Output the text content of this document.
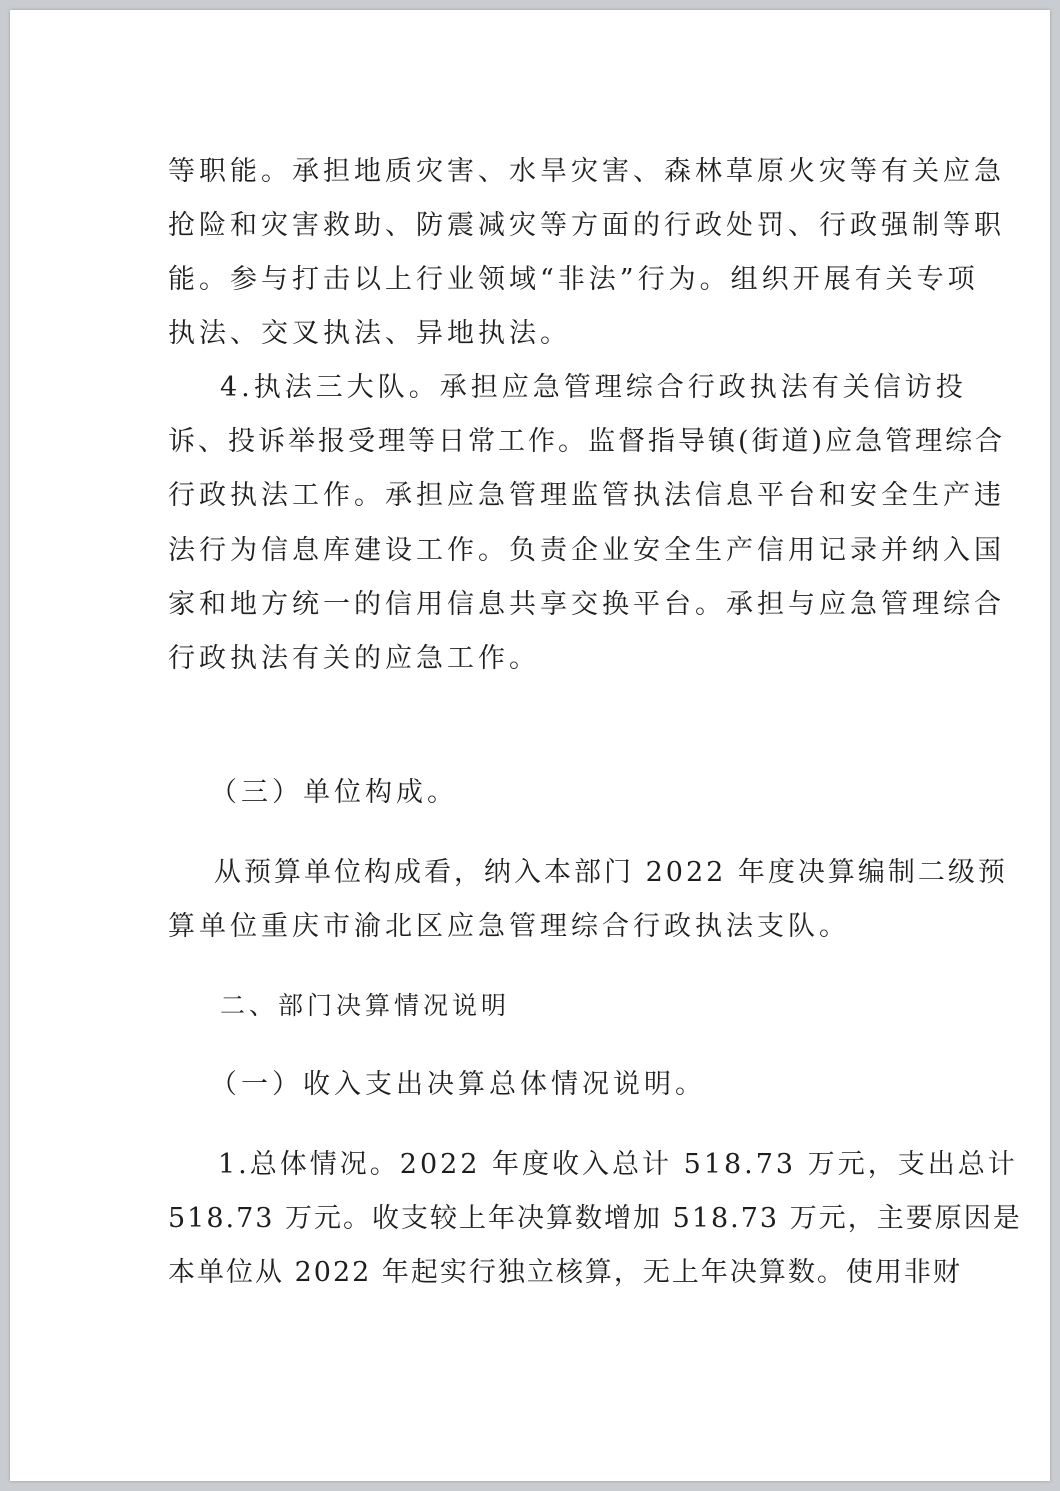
等职能。承担地质灾害、水旱灾害、森林草原火灾等有关应急

抢险和灾害救助、防震减灾等方面的行政处罚、行政强制等职

能。参与打击以上行业领域“非法”行为。组织开展有关专项

执法、交叉执法、异地执法。

4.执法三大队。承担应急管理综合行政执法有关信访投

诉、投诉举报受理等日常工作。监督指导镇(街道)应急管理综合

行政执法工作。承担应急管理监管执法信息平台和安全生产违

法行为信息库建设工作。负责企业安全生产信用记录并纳入国

家和地方统一的信用信息共享交换平台。承担与应急管理综合

行政执法有关的应急工作。

（三）单位构成。

从预算单位构成看，纳入本部门 2022 年度决算编制二级预

算单位重庆市渝北区应急管理综合行政执法支队。

二、部门决算情况说明

（一）收入支出决算总体情况说明。

1.总体情况。2022 年度收入总计 518.73 万元，支出总计

518.73 万元。收支较上年决算数增加 518.73 万元，主要原因是

本单位从 2022 年起实行独立核算，无上年决算数。使用非财
